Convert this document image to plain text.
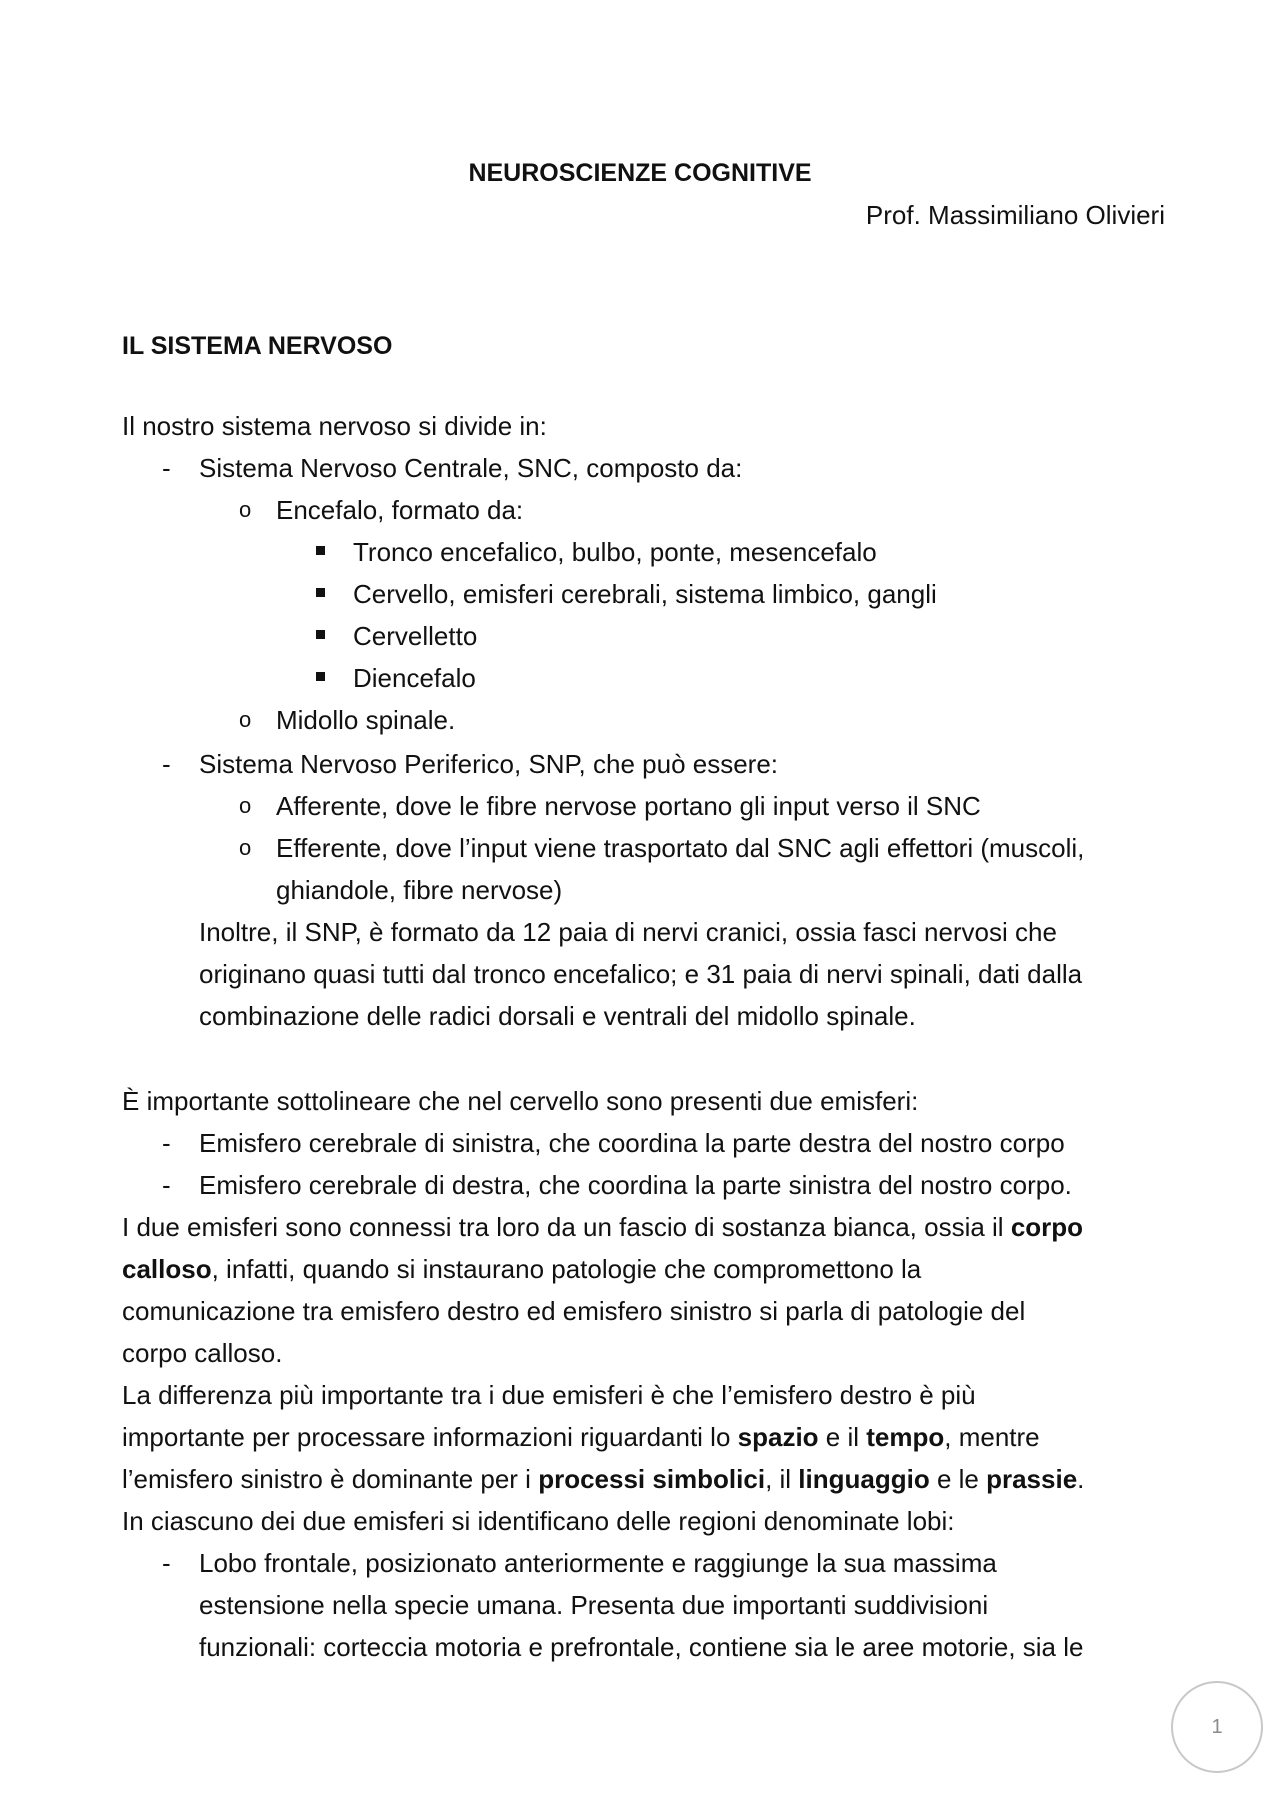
NEUROSCIENZE COGNITIVE
Prof. Massimiliano Olivieri
IL SISTEMA NERVOSO
Il nostro sistema nervoso si divide in:
- Sistema Nervoso Centrale, SNC, composto da:
o Encefalo, formato da:
Tronco encefalico, bulbo, ponte, mesencefalo
Cervello, emisferi cerebrali, sistema limbico, gangli
Cervelletto
Diencefalo
o Midollo spinale.
- Sistema Nervoso Periferico, SNP, che può essere:
o Afferente, dove le fibre nervose portano gli input verso il SNC
o Efferente, dove l’input viene trasportato dal SNC agli effettori (muscoli,
ghiandole, fibre nervose)
Inoltre, il SNP, è formato da 12 paia di nervi cranici, ossia fasci nervosi che
originano quasi tutti dal tronco encefalico; e 31 paia di nervi spinali, dati dalla
combinazione delle radici dorsali e ventrali del midollo spinale.
È importante sottolineare che nel cervello sono presenti due emisferi:
- Emisfero cerebrale di sinistra, che coordina la parte destra del nostro corpo
- Emisfero cerebrale di destra, che coordina la parte sinistra del nostro corpo.
I due emisferi sono connessi tra loro da un fascio di sostanza bianca, ossia il corpo
calloso, infatti, quando si instaurano patologie che compromettono la
comunicazione tra emisfero destro ed emisfero sinistro si parla di patologie del
corpo calloso.
La differenza più importante tra i due emisferi è che l’emisfero destro è più
importante per processare informazioni riguardanti lo spazio e il tempo, mentre
l’emisfero sinistro è dominante per i processi simbolici, il linguaggio e le prassie.
In ciascuno dei due emisferi si identificano delle regioni denominate lobi:
- Lobo frontale, posizionato anteriormente e raggiunge la sua massima
estensione nella specie umana. Presenta due importanti suddivisioni
funzionali: corteccia motoria e prefrontale, contiene sia le aree motorie, sia le
1
